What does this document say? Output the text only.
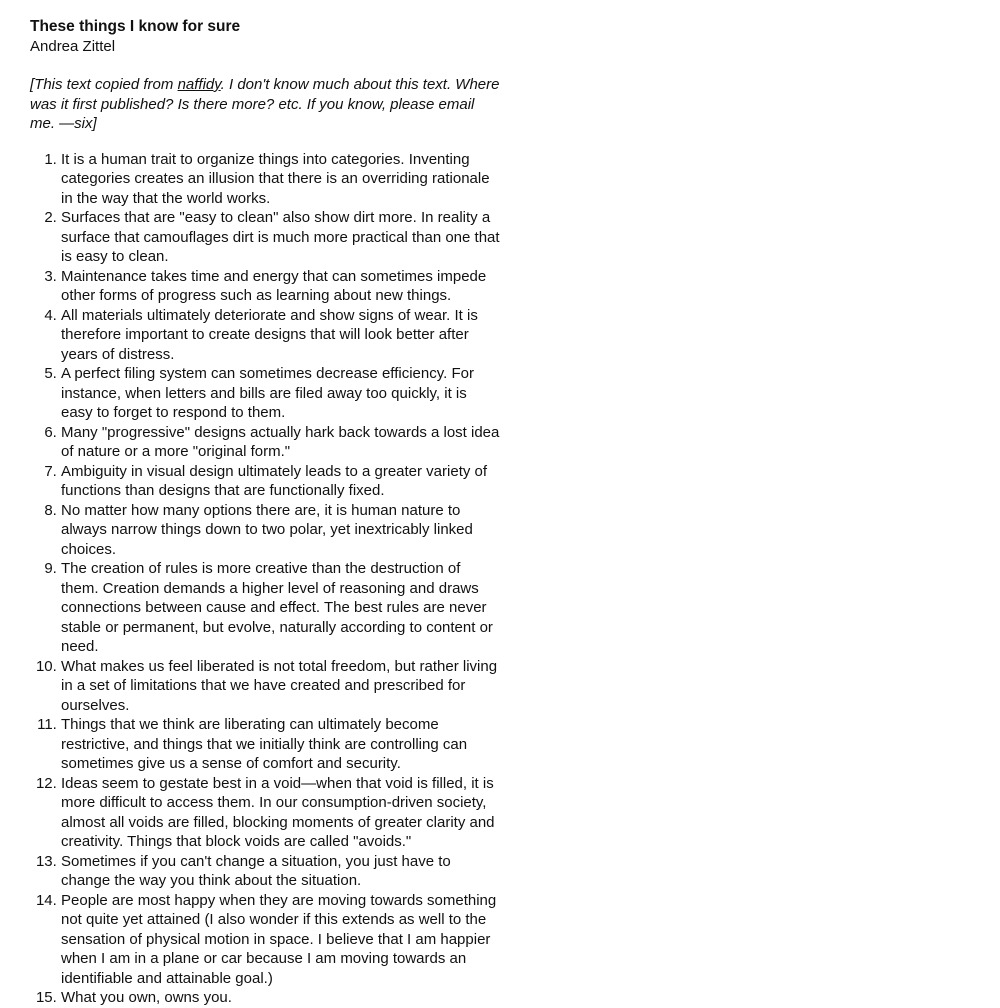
These things I know for sure

Andrea Zittel

[This text copied from naffidy. I don't know much about this text. Where was it first published? Is there more? etc. If you know, please email me. —six]

1. It is a human trait to organize things into categories. Inventing categories creates an illusion that there is an overriding rationale in the way that the world works.
2. Surfaces that are "easy to clean" also show dirt more. In reality a surface that camouflages dirt is much more practical than one that is easy to clean.
3. Maintenance takes time and energy that can sometimes impede other forms of progress such as learning about new things.
4. All materials ultimately deteriorate and show signs of wear. It is therefore important to create designs that will look better after years of distress.
5. A perfect filing system can sometimes decrease efficiency. For instance, when letters and bills are filed away too quickly, it is easy to forget to respond to them.
6. Many "progressive" designs actually hark back towards a lost idea of nature or a more "original form."
7. Ambiguity in visual design ultimately leads to a greater variety of functions than designs that are functionally fixed.
8. No matter how many options there are, it is human nature to always narrow things down to two polar, yet inextricably linked choices.
9. The creation of rules is more creative than the destruction of them. Creation demands a higher level of reasoning and draws connections between cause and effect. The best rules are never stable or permanent, but evolve, naturally according to content or need.
10. What makes us feel liberated is not total freedom, but rather living in a set of limitations that we have created and prescribed for ourselves.
11. Things that we think are liberating can ultimately become restrictive, and things that we initially think are controlling can sometimes give us a sense of comfort and security.
12. Ideas seem to gestate best in a void—when that void is filled, it is more difficult to access them. In our consumption-driven society, almost all voids are filled, blocking moments of greater clarity and creativity. Things that block voids are called "avoids."
13. Sometimes if you can't change a situation, you just have to change the way you think about the situation.
14. People are most happy when they are moving towards something not quite yet attained (I also wonder if this extends as well to the sensation of physical motion in space. I believe that I am happier when I am in a plane or car because I am moving towards an identifiable and attainable goal.)
15. What you own, owns you.
